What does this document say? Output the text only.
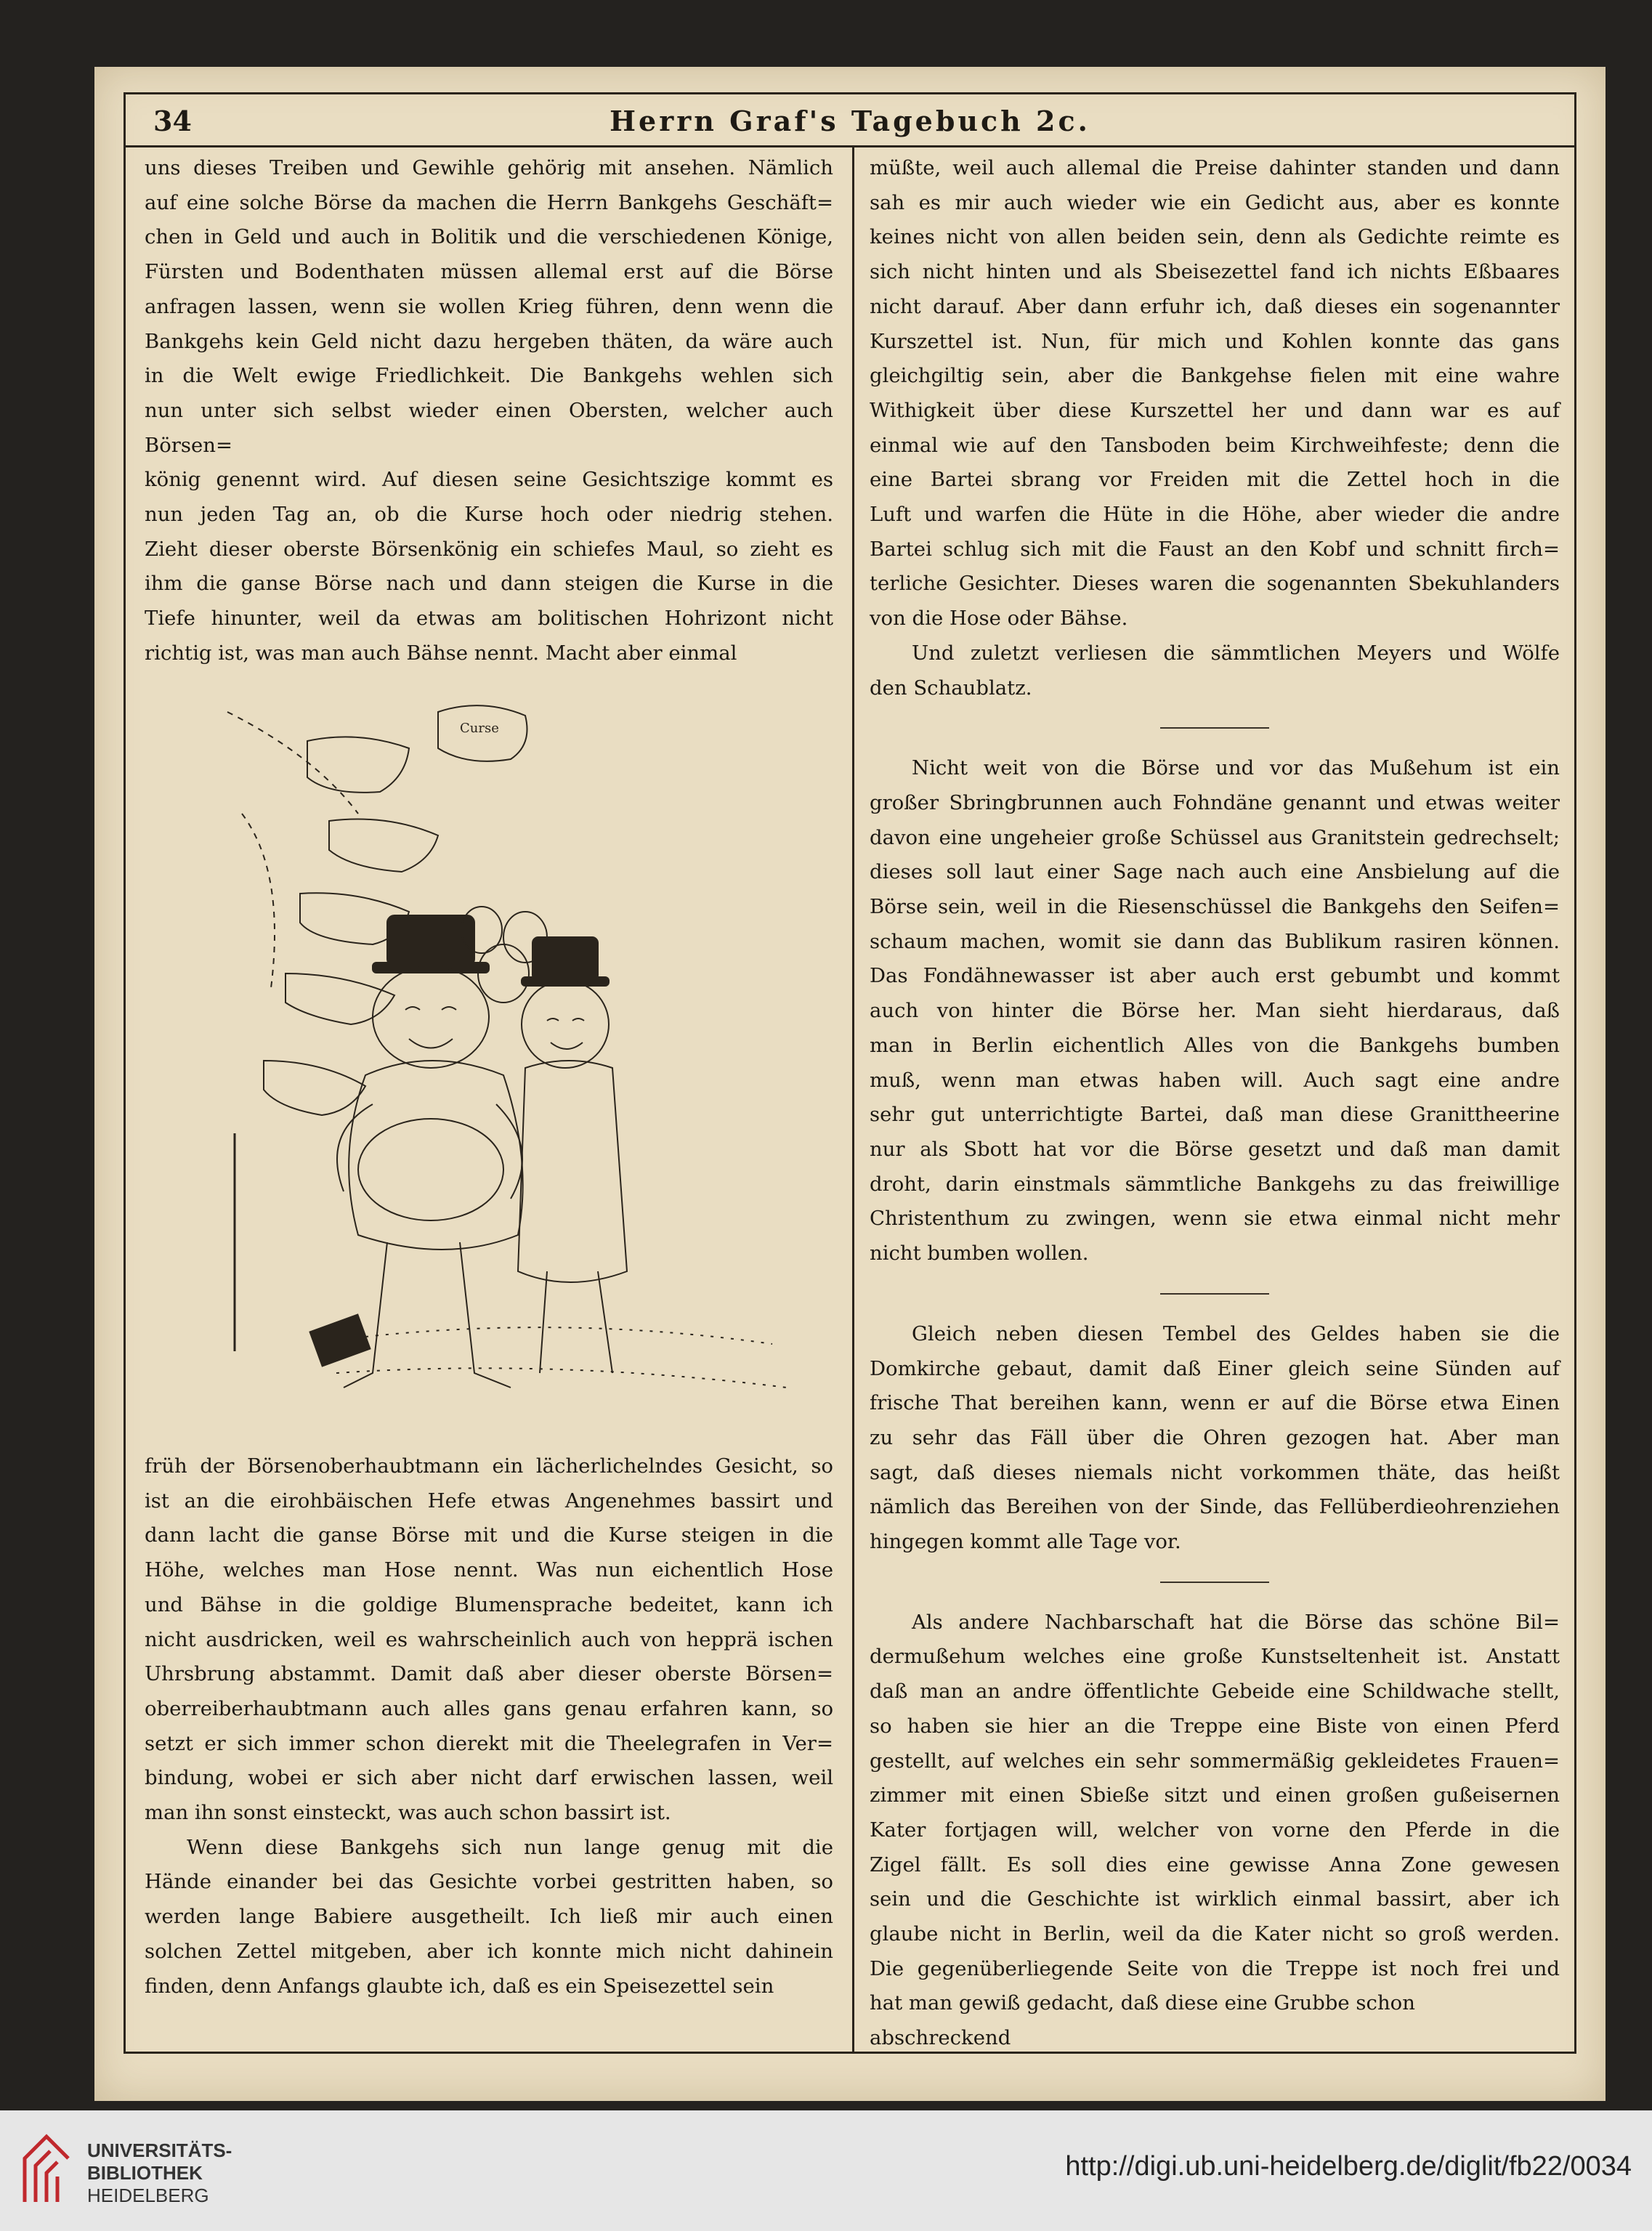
34	Herrn Graf's Tagebuch 2c.
uns dieses Treiben und Gewihle gehörig mit ansehen. Nämlich
auf eine solche Börse da machen die Herrn Bankgehs Geschäft=
chen in Geld und auch in Bolitik und die verschiedenen Könige,
Fürsten und Bodenthaten müssen allemal erst auf die Börse
anfragen lassen, wenn sie wollen Krieg führen, denn wenn die
Bankgehs kein Geld nicht dazu hergeben thäten, da wäre auch
in die Welt ewige Friedlichkeit. Die Bankgehs wehlen sich
nun unter sich selbst wieder einen Obersten, welcher auch Börsen=
könig genennt wird. Auf diesen seine Gesichtszige kommt es
nun jeden Tag an, ob die Kurse hoch oder niedrig stehen.
Zieht dieser oberste Börsenkönig ein schiefes Maul, so zieht es
ihm die ganse Börse nach und dann steigen die Kurse in die
Tiefe hinunter, weil da etwas am bolitischen Hohrizont nicht
richtig ist, was man auch Bähse nennt. Macht aber einmal
Curse
früh der Börsenoberhaubtmann ein lächerlichelndes Gesicht, so
ist an die eirohbäischen Hefe etwas Angenehmes bassirt und
dann lacht die ganse Börse mit und die Kurse steigen in die
Höhe, welches man Hose nennt. Was nun eichentlich Hose
und Bähse in die goldige Blumensprache bedeitet, kann ich
nicht ausdricken, weil es wahrscheinlich auch von hepprä ischen
Uhrsbrung abstammt. Damit daß aber dieser oberste Börsen=
oberreiberhaubtmann auch alles gans genau erfahren kann, so
setzt er sich immer schon dierekt mit die Theelegrafen in Ver=
bindung, wobei er sich aber nicht darf erwischen lassen, weil
man ihn sonst einsteckt, was auch schon bassirt ist.
Wenn diese Bankgehs sich nun lange genug mit die
Hände einander bei das Gesichte vorbei gestritten haben, so
werden lange Babiere ausgetheilt. Ich ließ mir auch einen
solchen Zettel mitgeben, aber ich konnte mich nicht dahinein
finden, denn Anfangs glaubte ich, daß es ein Speisezettel sein
müßte, weil auch allemal die Preise dahinter standen und dann
sah es mir auch wieder wie ein Gedicht aus, aber es konnte
keines nicht von allen beiden sein, denn als Gedichte reimte es
sich nicht hinten und als Sbeisezettel fand ich nichts Eßbaares
nicht darauf. Aber dann erfuhr ich, daß dieses ein sogenannter
Kurszettel ist. Nun, für mich und Kohlen konnte das gans
gleichgiltig sein, aber die Bankgehse fielen mit eine wahre
Withigkeit über diese Kurszettel her und dann war es auf
einmal wie auf den Tansboden beim Kirchweihfeste; denn die
eine Bartei sbrang vor Freiden mit die Zettel hoch in die
Luft und warfen die Hüte in die Höhe, aber wieder die andre
Bartei schlug sich mit die Faust an den Kobf und schnitt firch=
terliche Gesichter. Dieses waren die sogenannten Sbekuhlanders
von die Hose oder Bähse.
Und zuletzt verliesen die sämmtlichen Meyers und Wölfe
den Schaublatz.
Nicht weit von die Börse und vor das Mußehum ist ein
großer Sbringbrunnen auch Fohndäne genannt und etwas weiter
davon eine ungeheier große Schüssel aus Granitstein gedrechselt;
dieses soll laut einer Sage nach auch eine Ansbielung auf die
Börse sein, weil in die Riesenschüssel die Bankgehs den Seifen=
schaum machen, womit sie dann das Bublikum rasiren können.
Das Fondähnewasser ist aber auch erst gebumbt und kommt
auch von hinter die Börse her. Man sieht hierdaraus, daß
man in Berlin eichentlich Alles von die Bankgehs bumben
muß, wenn man etwas haben will. Auch sagt eine andre
sehr gut unterrichtigte Bartei, daß man diese Granittheerine
nur als Sbott hat vor die Börse gesetzt und daß man damit
droht, darin einstmals sämmtliche Bankgehs zu das freiwillige
Christenthum zu zwingen, wenn sie etwa einmal nicht mehr
nicht bumben wollen.
Gleich neben diesen Tembel des Geldes haben sie die
Domkirche gebaut, damit daß Einer gleich seine Sünden auf
frische That bereihen kann, wenn er auf die Börse etwa Einen
zu sehr das Fäll über die Ohren gezogen hat. Aber man
sagt, daß dieses niemals nicht vorkommen thäte, das heißt
nämlich das Bereihen von der Sinde, das Fellüberdieohrenziehen
hingegen kommt alle Tage vor.
Als andere Nachbarschaft hat die Börse das schöne Bil=
dermußehum welches eine große Kunstseltenheit ist. Anstatt
daß man an andre öffentlichte Gebeide eine Schildwache stellt,
so haben sie hier an die Treppe eine Biste von einen Pferd
gestellt, auf welches ein sehr sommermäßig gekleidetes Frauen=
zimmer mit einen Sbieße sitzt und einen großen gußeisernen
Kater fortjagen will, welcher von vorne den Pferde in die
Zigel fällt. Es soll dies eine gewisse Anna Zone gewesen
sein und die Geschichte ist wirklich einmal bassirt, aber ich
glaube nicht in Berlin, weil da die Kater nicht so groß werden.
Die gegenüberliegende Seite von die Treppe ist noch frei und
hat man gewiß gedacht, daß diese eine Grubbe schon abschreckend
UNIVERSITÄTS-
BIBLIOTHEK
HEIDELBERG
http://digi.ub.uni-heidelberg.de/diglit/fb22/0034
